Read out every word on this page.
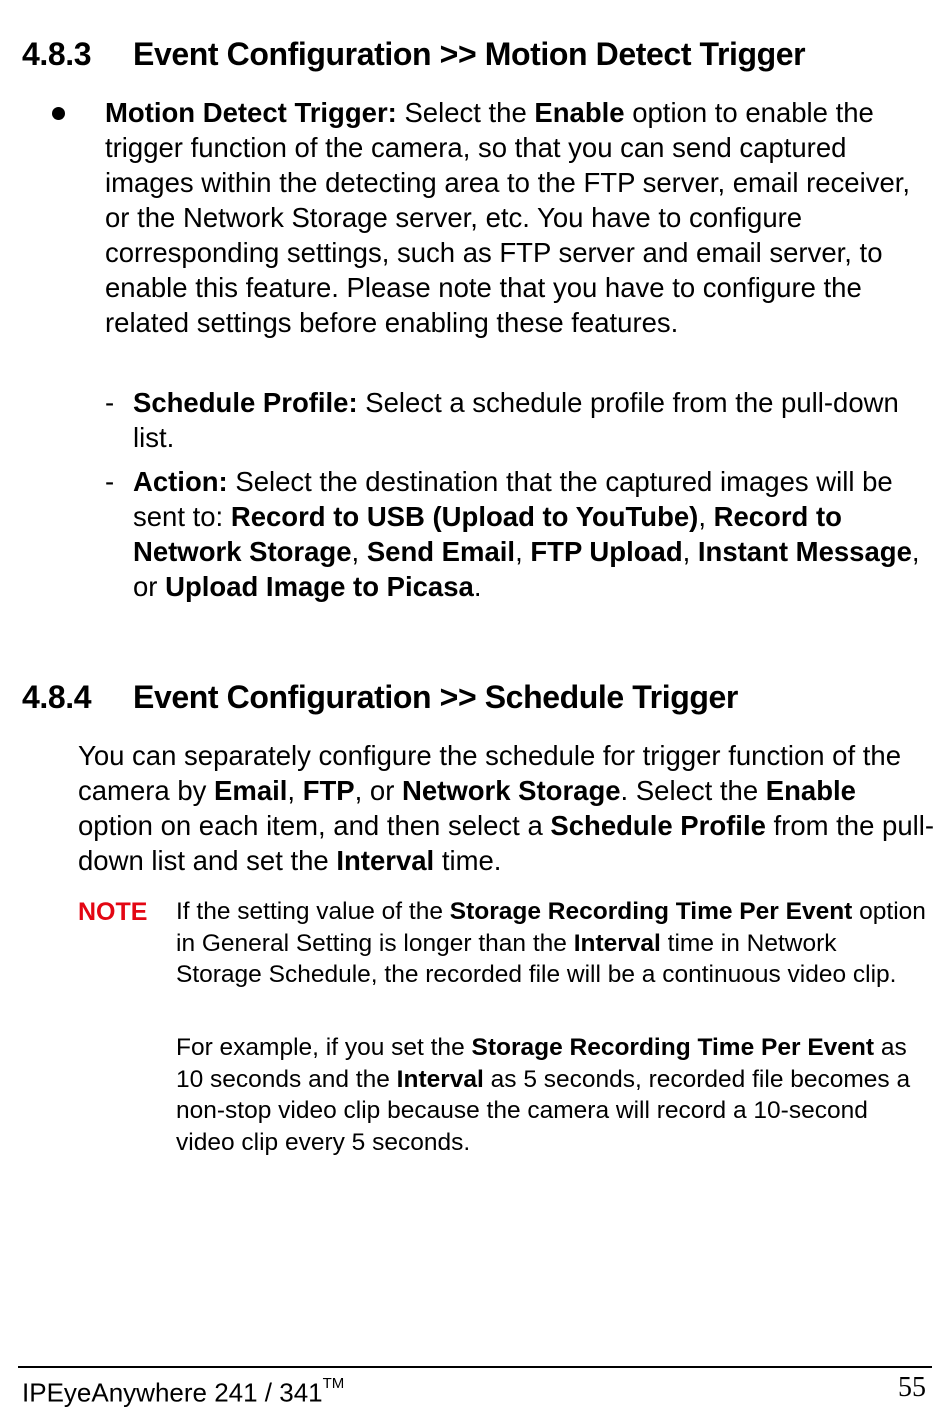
4.8.3 Event Configuration >> Motion Detect Trigger

Motion Detect Trigger: Select the Enable option to enable the trigger function of the camera, so that you can send captured images within the detecting area to the FTP server, email receiver, or the Network Storage server, etc. You have to configure corresponding settings, such as FTP server and email server, to enable this feature. Please note that you have to configure the related settings before enabling these features.

- Schedule Profile: Select a schedule profile from the pull-down list.

- Action: Select the destination that the captured images will be sent to: Record to USB (Upload to YouTube), Record to Network Storage, Send Email, FTP Upload, Instant Message, or Upload Image to Picasa.

4.8.4 Event Configuration >> Schedule Trigger

You can separately configure the schedule for trigger function of the camera by Email, FTP, or Network Storage. Select the Enable option on each item, and then select a Schedule Profile from the pull-down list and set the Interval time.

NOTE If the setting value of the Storage Recording Time Per Event option in General Setting is longer than the Interval time in Network Storage Schedule, the recorded file will be a continuous video clip.

For example, if you set the Storage Recording Time Per Event as 10 seconds and the Interval as 5 seconds, recorded file becomes a non-stop video clip because the camera will record a 10-second video clip every 5 seconds.

IPEyeAnywhere 241 / 341™	55
